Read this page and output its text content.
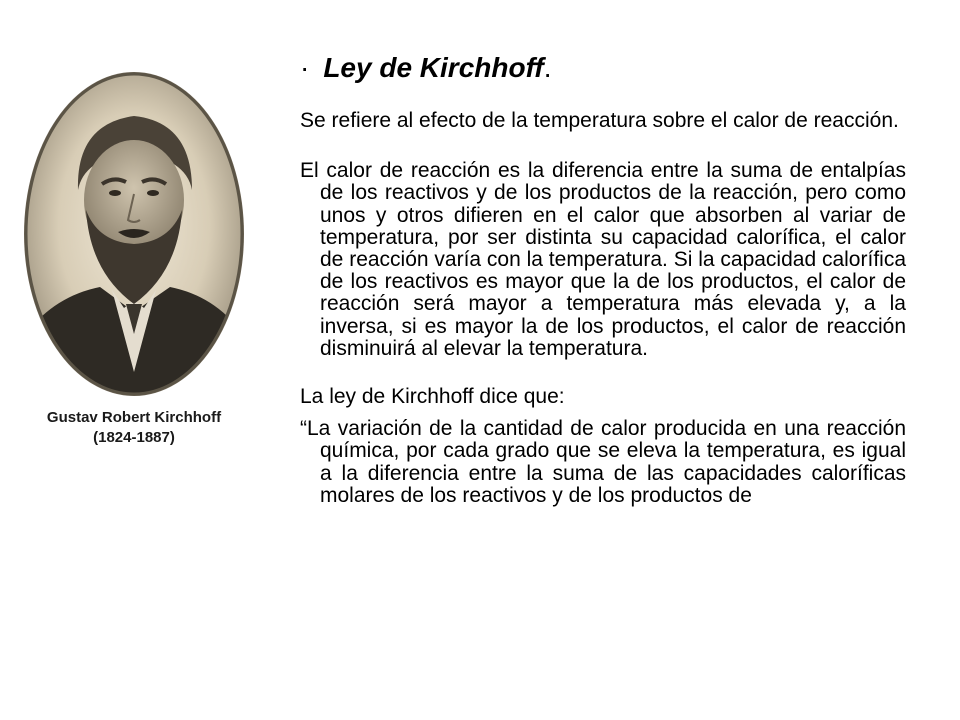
Gustav Robert Kirchhoff
(1824-1887)
· Ley de Kirchhoff.

Se refiere al efecto de la temperatura sobre el calor de reacción.

El calor de reacción es la diferencia entre la suma de entalpías de los reactivos y de los productos de la reacción, pero como unos y otros difieren en el calor que absorben al variar de temperatura, por ser distinta su capacidad calorífica, el calor de reacción varía con la temperatura. Si la capacidad calorífica de los reactivos es mayor que la de los productos, el calor de reacción será mayor a temperatura más elevada y, a la inversa, si es mayor la de los productos, el calor de reacción disminuirá al elevar la temperatura.

La ley de Kirchhoff dice que:

“La variación de la cantidad de calor producida en una reacción química, por cada grado que se eleva la temperatura, es igual a la diferencia entre la suma de las capacidades caloríficas molares de los reactivos y de los productos de
